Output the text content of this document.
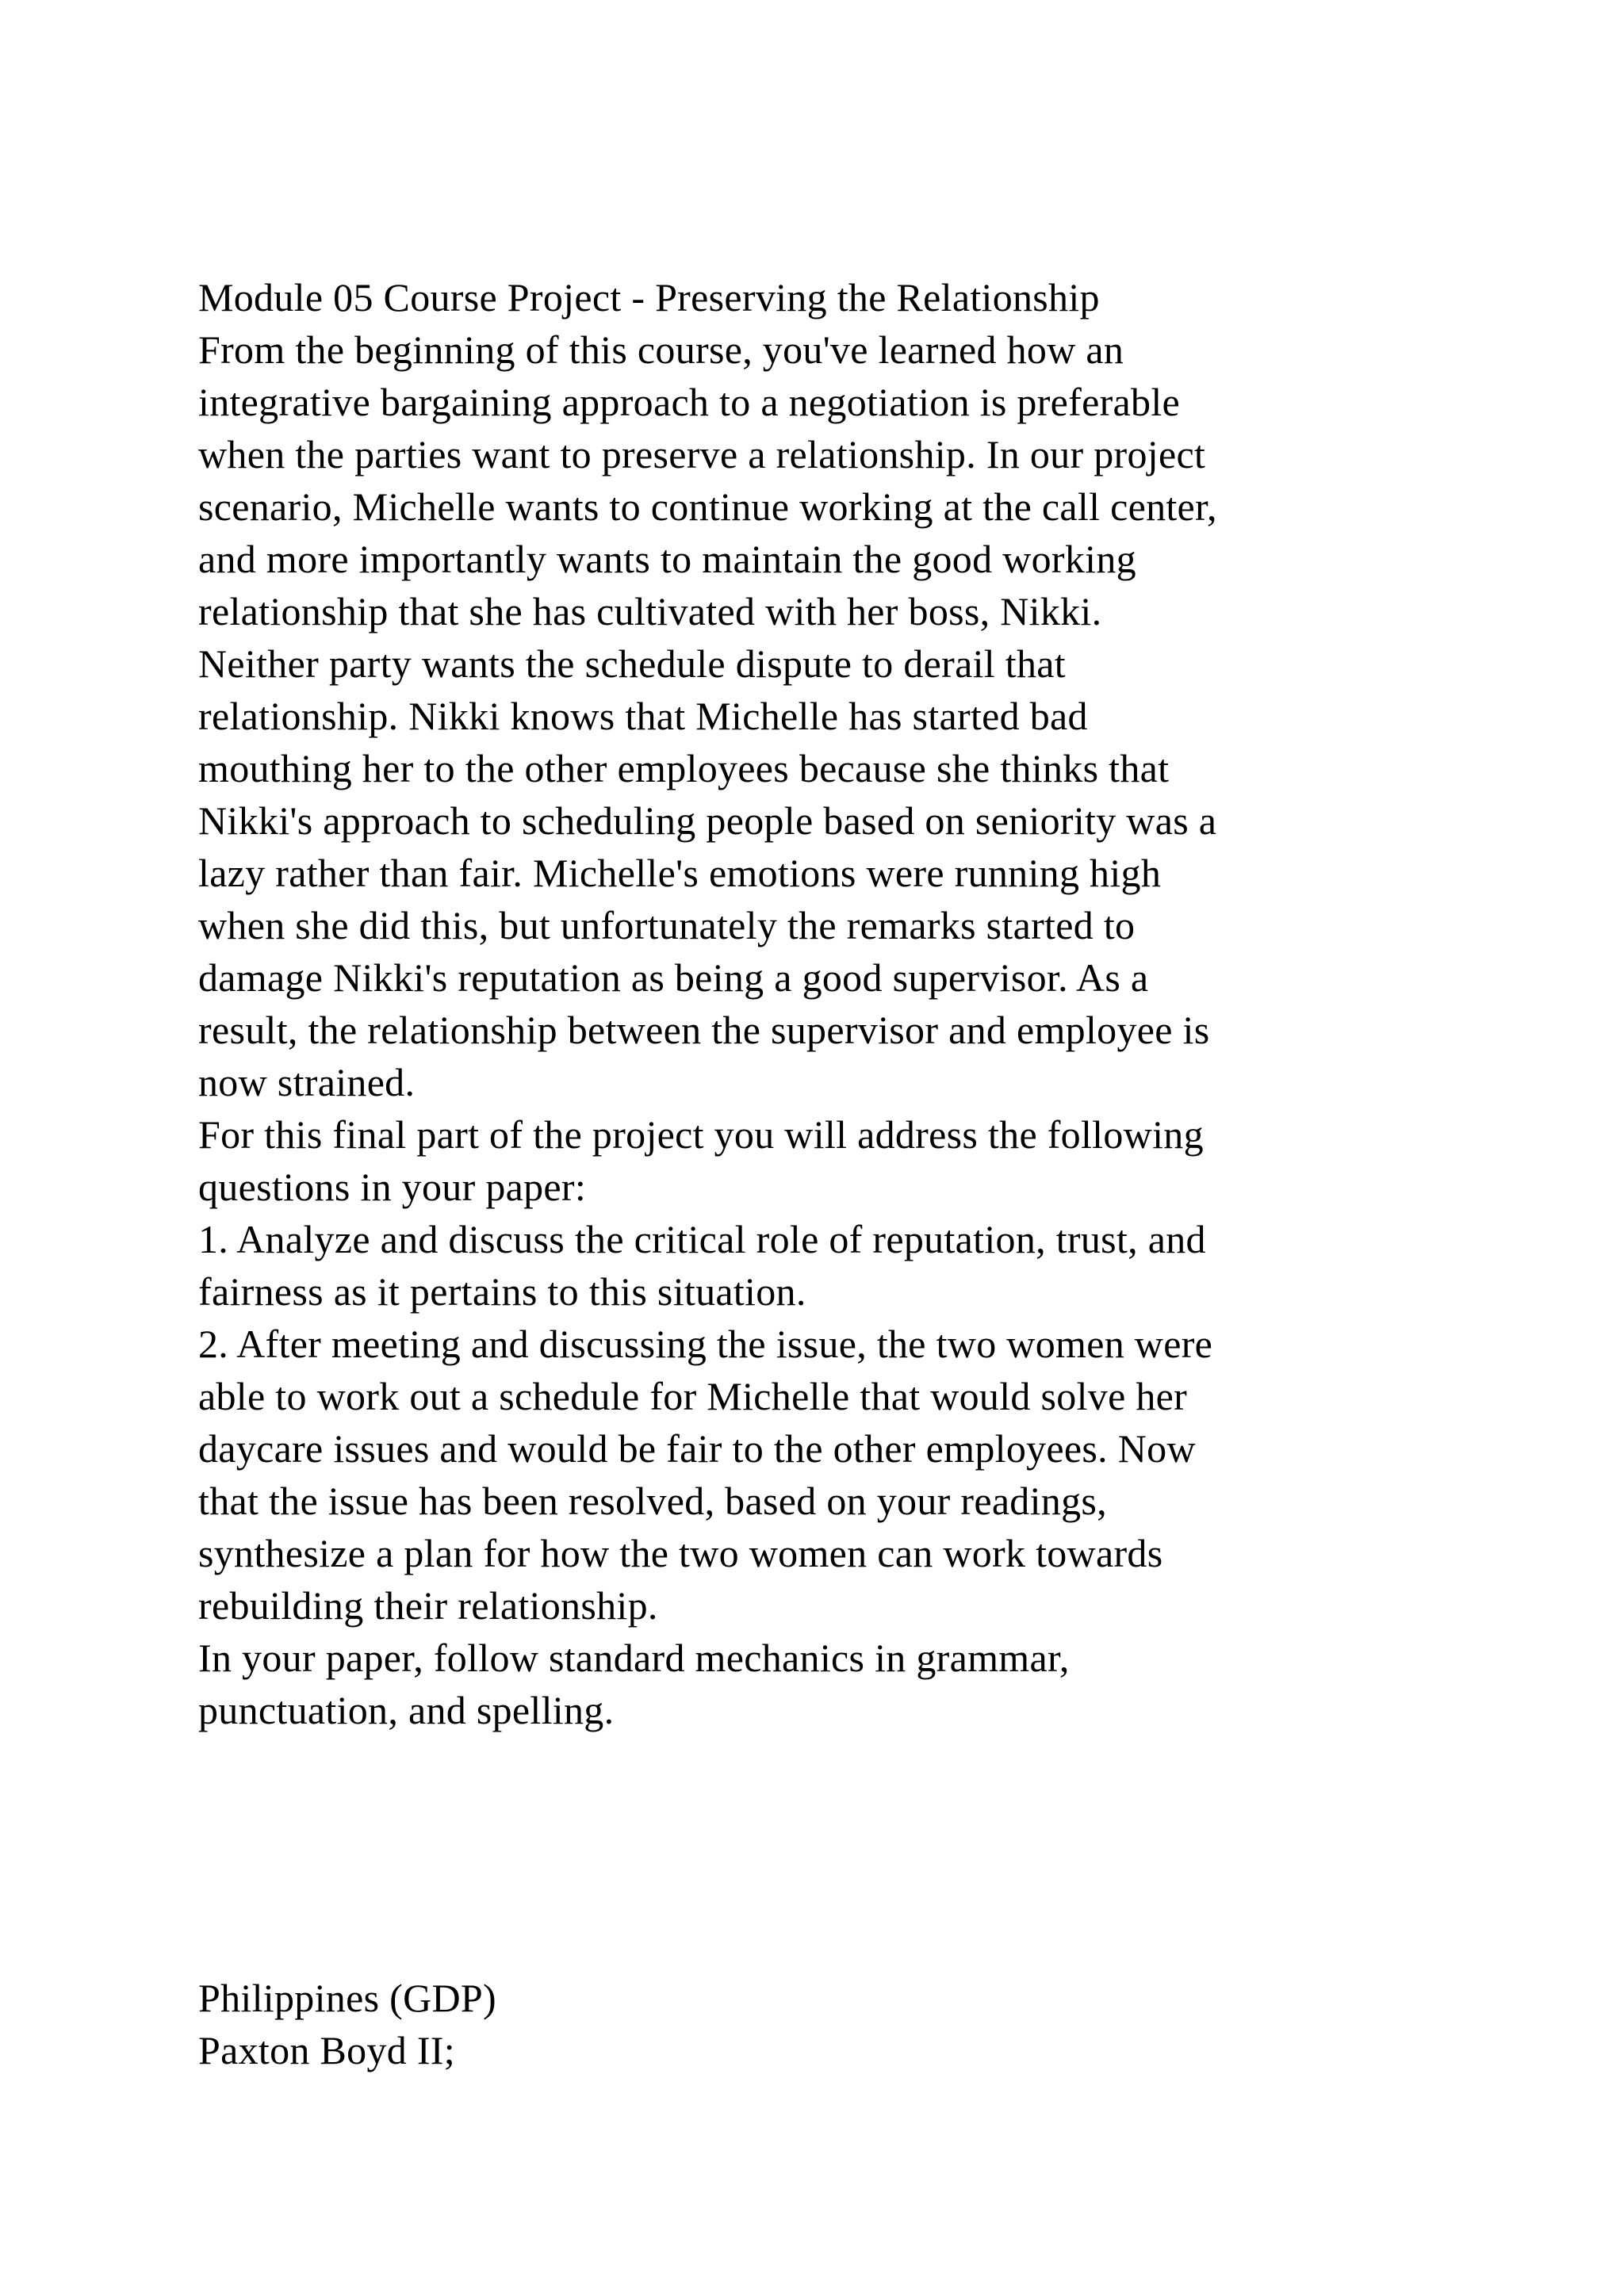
Module 05 Course Project - Preserving the Relationship
From the beginning of this course, you've learned how an
integrative bargaining approach to a negotiation is preferable
when the parties want to preserve a relationship. In our project
scenario, Michelle wants to continue working at the call center,
and more importantly wants to maintain the good working
relationship that she has cultivated with her boss, Nikki.
Neither party wants the schedule dispute to derail that
relationship. Nikki knows that Michelle has started bad
mouthing her to the other employees because she thinks that
Nikki's approach to scheduling people based on seniority was a
lazy rather than fair. Michelle's emotions were running high
when she did this, but unfortunately the remarks started to
damage Nikki's reputation as being a good supervisor. As a
result, the relationship between the supervisor and employee is
now strained.
For this final part of the project you will address the following
questions in your paper:
1. Analyze and discuss the critical role of reputation, trust, and
fairness as it pertains to this situation.
2. After meeting and discussing the issue, the two women were
able to work out a schedule for Michelle that would solve her
daycare issues and would be fair to the other employees. Now
that the issue has been resolved, based on your readings,
synthesize a plan for how the two women can work towards
rebuilding their relationship.
In your paper, follow standard mechanics in grammar,
punctuation, and spelling.
Philippines (GDP)
Paxton Boyd II;
